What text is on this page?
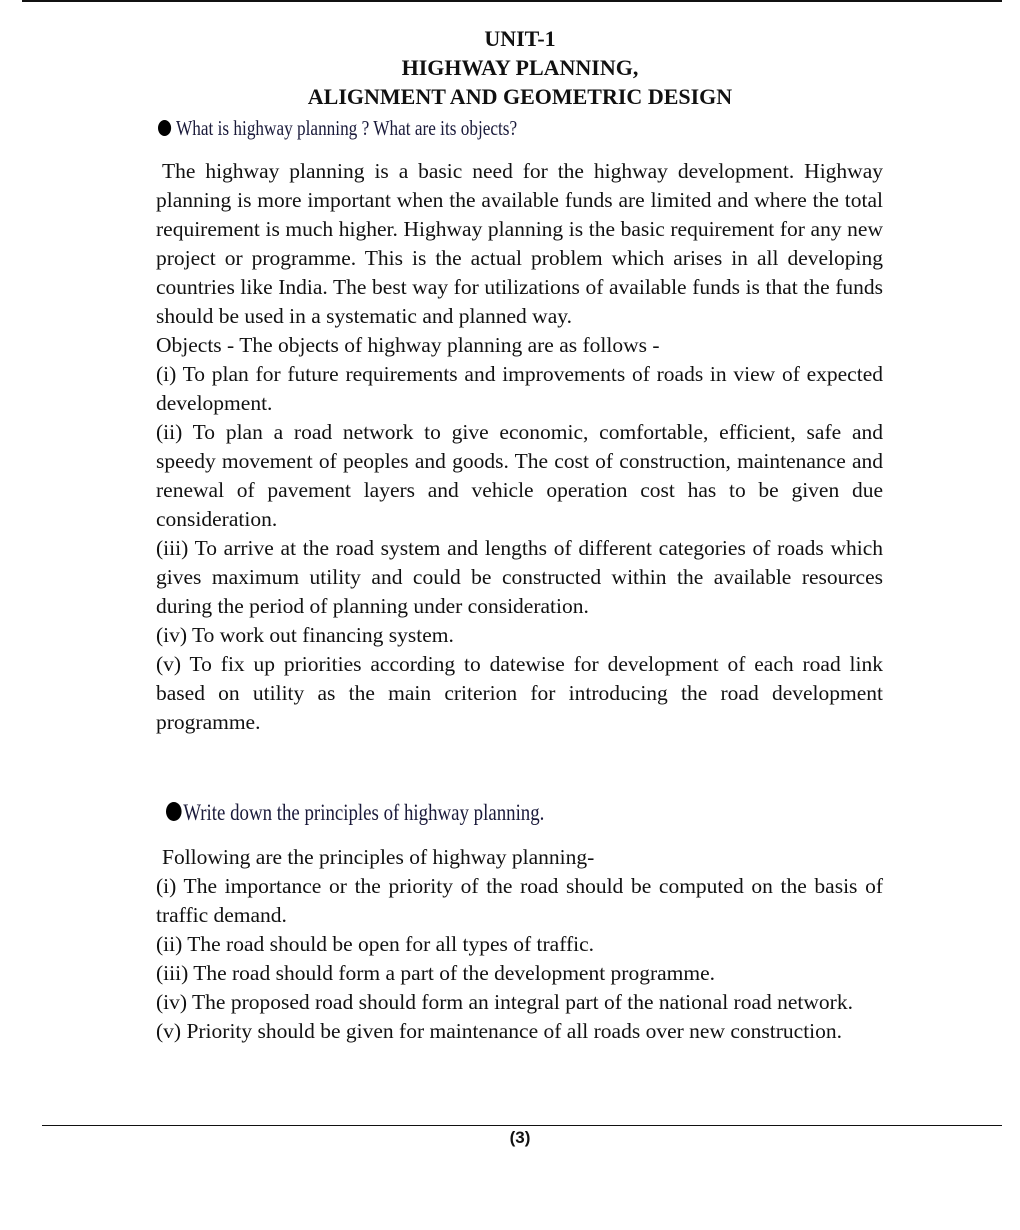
UNIT-1
HIGHWAY PLANNING,
ALIGNMENT AND GEOMETRIC DESIGN
What is highway planning ? What are its objects?

The highway planning is a basic need for the highway development. Highway planning is more important when the available funds are limited and where the total requirement is much higher. Highway planning is the basic requirement for any new project or programme. This is the actual problem which arises in all developing countries like India. The best way for utilizations of available funds is that the funds should be used in a systematic and planned way.

Objects - The objects of highway planning are as follows -

(i) To plan for future requirements and improvements of roads in view of expected development.

(ii) To plan a road network to give economic, comfortable, efficient, safe and speedy movement of peoples and goods. The cost of construction, maintenance and renewal of pavement layers and vehicle operation cost has to be given due consideration.

(iii) To arrive at the road system and lengths of different categories of roads which gives maximum utility and could be constructed within the available resources during the period of planning under consideration.

(iv) To work out financing system.

(v) To fix up priorities according to datewise for development of each road link based on utility as the main criterion for introducing the road development programme.

Write down the principles of highway planning.

Following are the principles of highway planning-

(i) The importance or the priority of the road should be computed on the basis of traffic demand.

(ii) The road should be open for all types of traffic.

(iii) The road should form a part of the development programme.

(iv) The proposed road should form an integral part of the national road network.

(v) Priority should be given for maintenance of all roads over new construction.

(3)
